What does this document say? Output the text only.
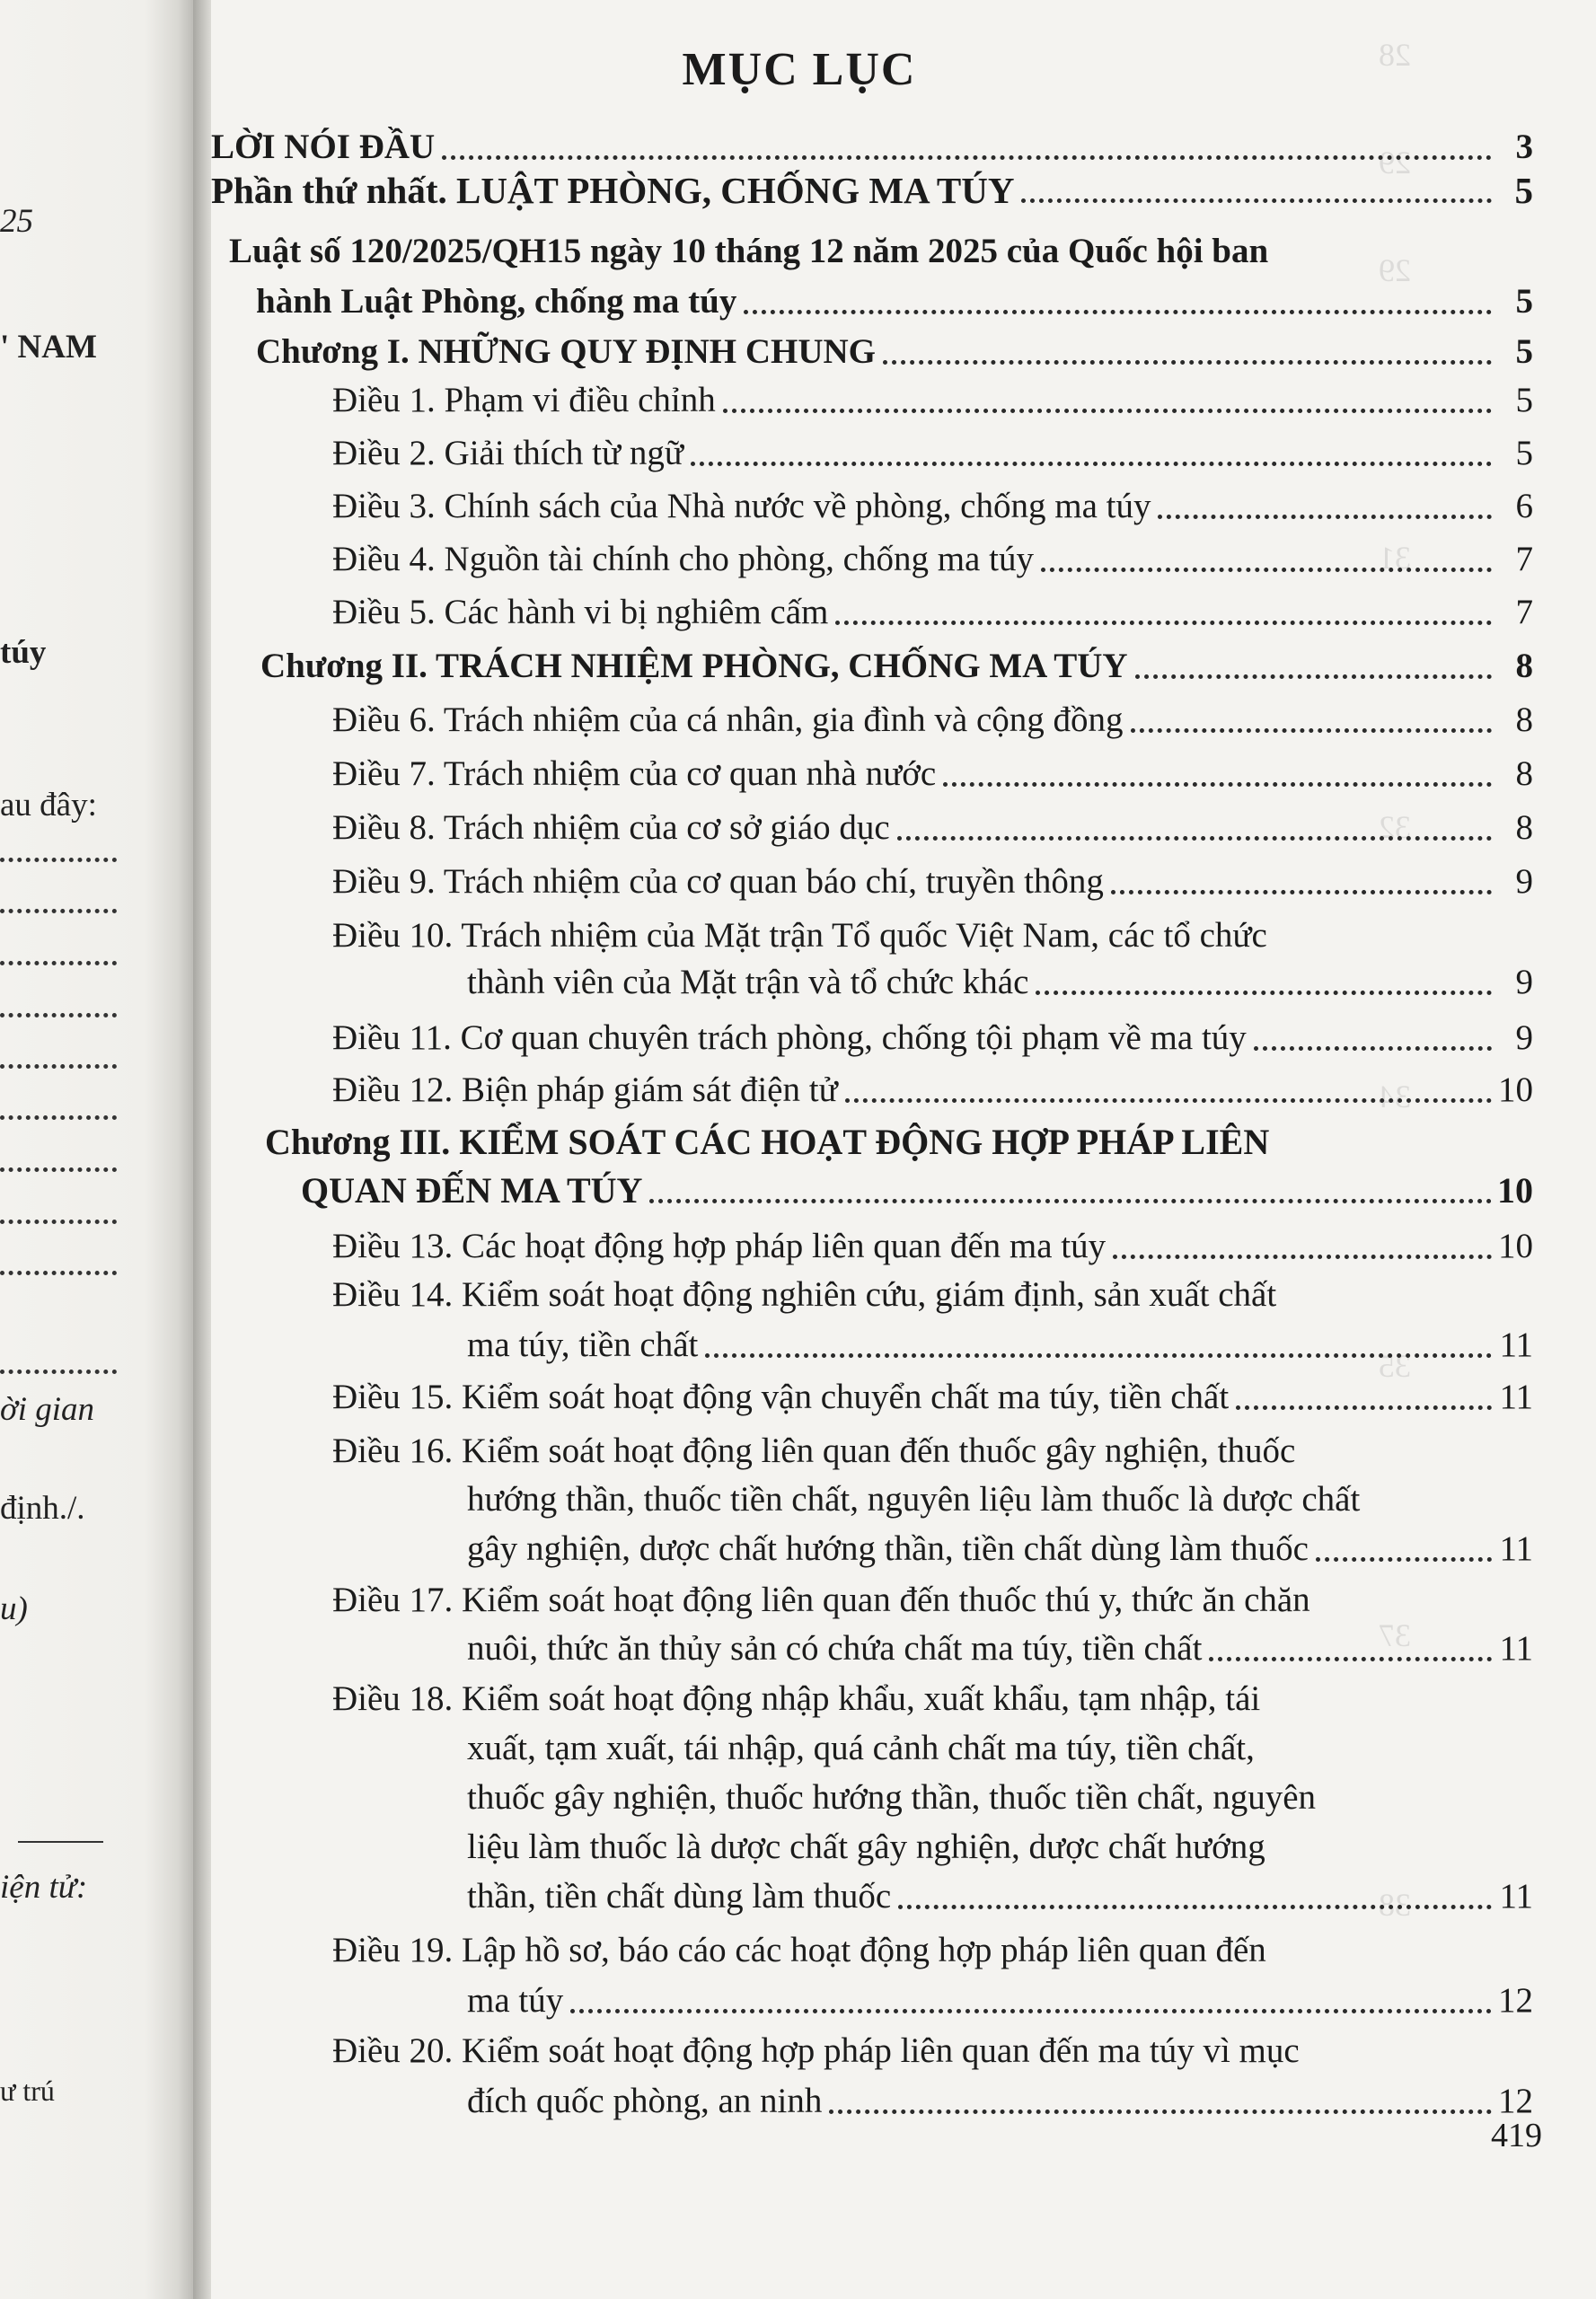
25
' NAM
túy
au đây:
ời gian
định./.
u)
iện tử:
ư trú
28
29
29
31
32
34
35
37
38
MỤC LỤC
LỜI NÓI ĐẦU	3
Phần thứ nhất. LUẬT PHÒNG, CHỐNG MA TÚY	5
Luật số 120/2025/QH15 ngày 10 tháng 12 năm 2025 của Quốc hội ban
hành Luật Phòng, chống ma túy	5
Chương I. NHỮNG QUY ĐỊNH CHUNG	5
Điều 1. Phạm vi điều chỉnh	5
Điều 2. Giải thích từ ngữ	5
Điều 3. Chính sách của Nhà nước về phòng, chống ma túy	6
Điều 4. Nguồn tài chính cho phòng, chống ma túy	7
Điều 5. Các hành vi bị nghiêm cấm	7
Chương II. TRÁCH NHIỆM PHÒNG, CHỐNG MA TÚY	8
Điều 6. Trách nhiệm của cá nhân, gia đình và cộng đồng	8
Điều 7. Trách nhiệm của cơ quan nhà nước	8
Điều 8. Trách nhiệm của cơ sở giáo dục	8
Điều 9. Trách nhiệm của cơ quan báo chí, truyền thông	9
Điều 10. Trách nhiệm của Mặt trận Tổ quốc Việt Nam, các tổ chức
thành viên của Mặt trận và tổ chức khác	9
Điều 11. Cơ quan chuyên trách phòng, chống tội phạm về ma túy	9
Điều 12. Biện pháp giám sát điện tử	10
Chương III. KIỂM SOÁT CÁC HOẠT ĐỘNG HỢP PHÁP LIÊN
QUAN ĐẾN MA TÚY	10
Điều 13. Các hoạt động hợp pháp liên quan đến ma túy	10
Điều 14. Kiểm soát hoạt động nghiên cứu, giám định, sản xuất chất
ma túy, tiền chất	11
Điều 15. Kiểm soát hoạt động vận chuyển chất ma túy, tiền chất	11
Điều 16. Kiểm soát hoạt động liên quan đến thuốc gây nghiện, thuốc
hướng thần, thuốc tiền chất, nguyên liệu làm thuốc là dược chất
gây nghiện, dược chất hướng thần, tiền chất dùng làm thuốc	11
Điều 17. Kiểm soát hoạt động liên quan đến thuốc thú y, thức ăn chăn
nuôi, thức ăn thủy sản có chứa chất ma túy, tiền chất	11
Điều 18. Kiểm soát hoạt động nhập khẩu, xuất khẩu, tạm nhập, tái
xuất, tạm xuất, tái nhập, quá cảnh chất ma túy, tiền chất,
thuốc gây nghiện, thuốc hướng thần, thuốc tiền chất, nguyên
liệu làm thuốc là dược chất gây nghiện, dược chất hướng
thần, tiền chất dùng làm thuốc	11
Điều 19. Lập hồ sơ, báo cáo các hoạt động hợp pháp liên quan đến
ma túy	12
Điều 20. Kiểm soát hoạt động hợp pháp liên quan đến ma túy vì mục
đích quốc phòng, an ninh	12
419
